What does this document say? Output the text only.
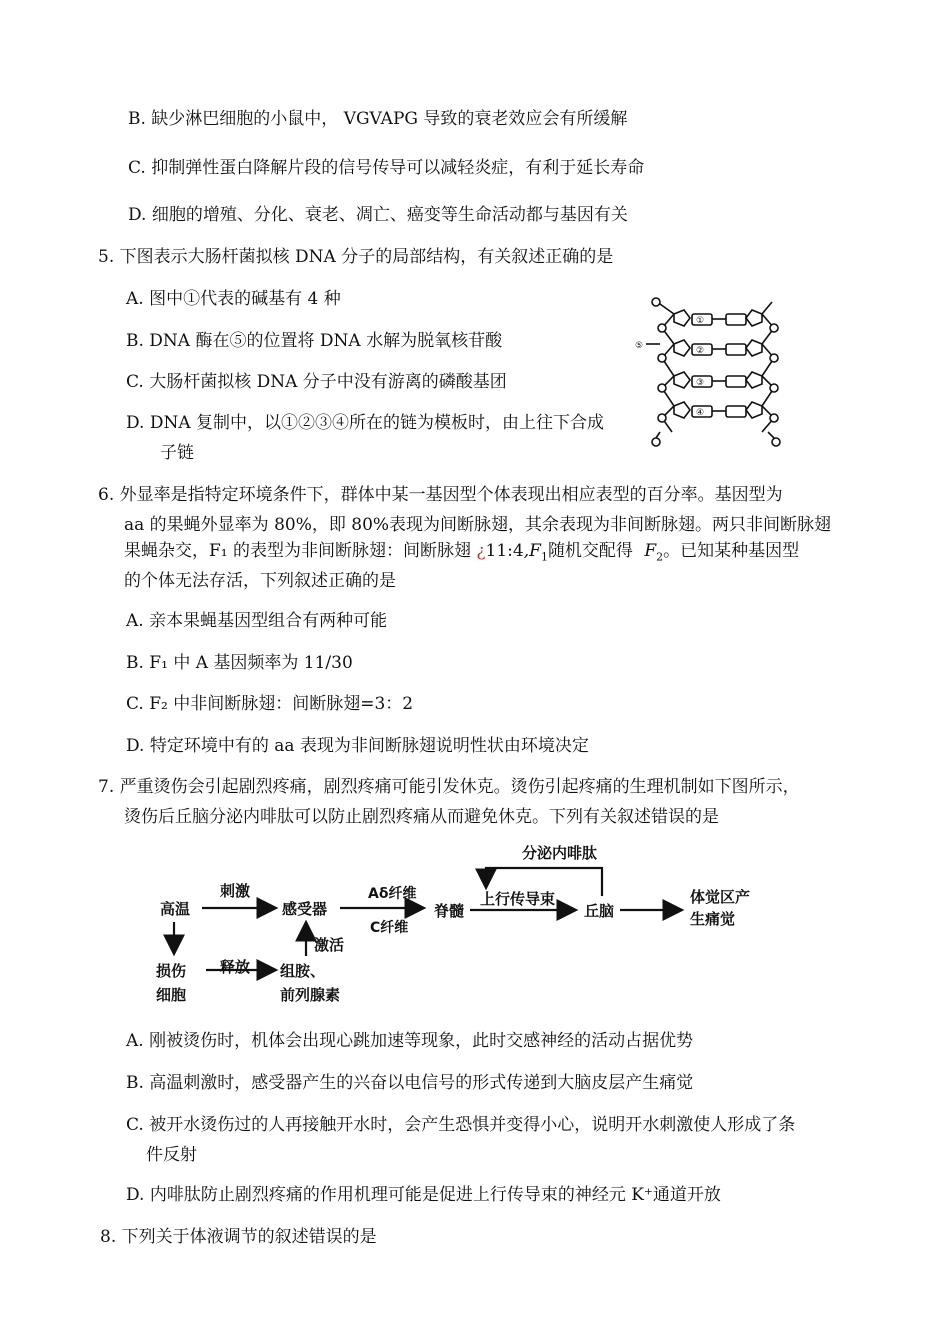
B. 缺少淋巴细胞的小鼠中， VGVAPG 导致的衰老效应会有所缓解
C. 抑制弹性蛋白降解片段的信号传导可以减轻炎症，有利于延长寿命
D. 细胞的增殖、分化、衰老、凋亡、癌变等生命活动都与基因有关
5. 下图表示大肠杆菌拟核 DNA 分子的局部结构，有关叙述正确的是
A. 图中①代表的碱基有 4 种
B. DNA 酶在⑤的位置将 DNA 水解为脱氧核苷酸
C. 大肠杆菌拟核 DNA 分子中没有游离的磷酸基团
D. DNA 复制中，以①②③④所在的链为模板时，由上往下合成
子链
①
②
③
④
⑤
6. 外显率是指特定环境条件下，群体中某一基因型个体表现出相应表型的百分率。基因型为
aa 的果蝇外显率为 80%，即 80%表现为间断脉翅，其余表现为非间断脉翅。两只非间断脉翅
果蝇杂交，F₁ 的表型为非间断脉翅：间断脉翅 ¿$11:4,F_1$随机交配得 $F_2$。已知某种基因型
的个体无法存活，下列叙述正确的是
A. 亲本果蝇基因型组合有两种可能
B. F₁ 中 A 基因频率为 11/30
C. F₂ 中非间断脉翅：间断脉翅=3：2
D. 特定环境中有的 aa 表现为非间断脉翅说明性状由环境决定
7. 严重烫伤会引起剧烈疼痛，剧烈疼痛可能引发休克。烫伤引起疼痛的生理机制如下图所示，
烫伤后丘脑分泌内啡肽可以防止剧烈疼痛从而避免休克。下列有关叙述错误的是
高温
刺激
感受器
Aδ纤维
C纤维
脊髓
上行传导束
分泌内啡肽
丘脑
体觉区产
生痛觉
损伤
细胞
释放 组胺、
前列腺素
激活
A. 刚被烫伤时，机体会出现心跳加速等现象，此时交感神经的活动占据优势
B. 高温刺激时，感受器产生的兴奋以电信号的形式传递到大脑皮层产生痛觉
C. 被开水烫伤过的人再接触开水时，会产生恐惧并变得小心，说明开水刺激使人形成了条
件反射
D. 内啡肽防止剧烈疼痛的作用机理可能是促进上行传导束的神经元 K⁺通道开放
8. 下列关于体液调节的叙述错误的是
